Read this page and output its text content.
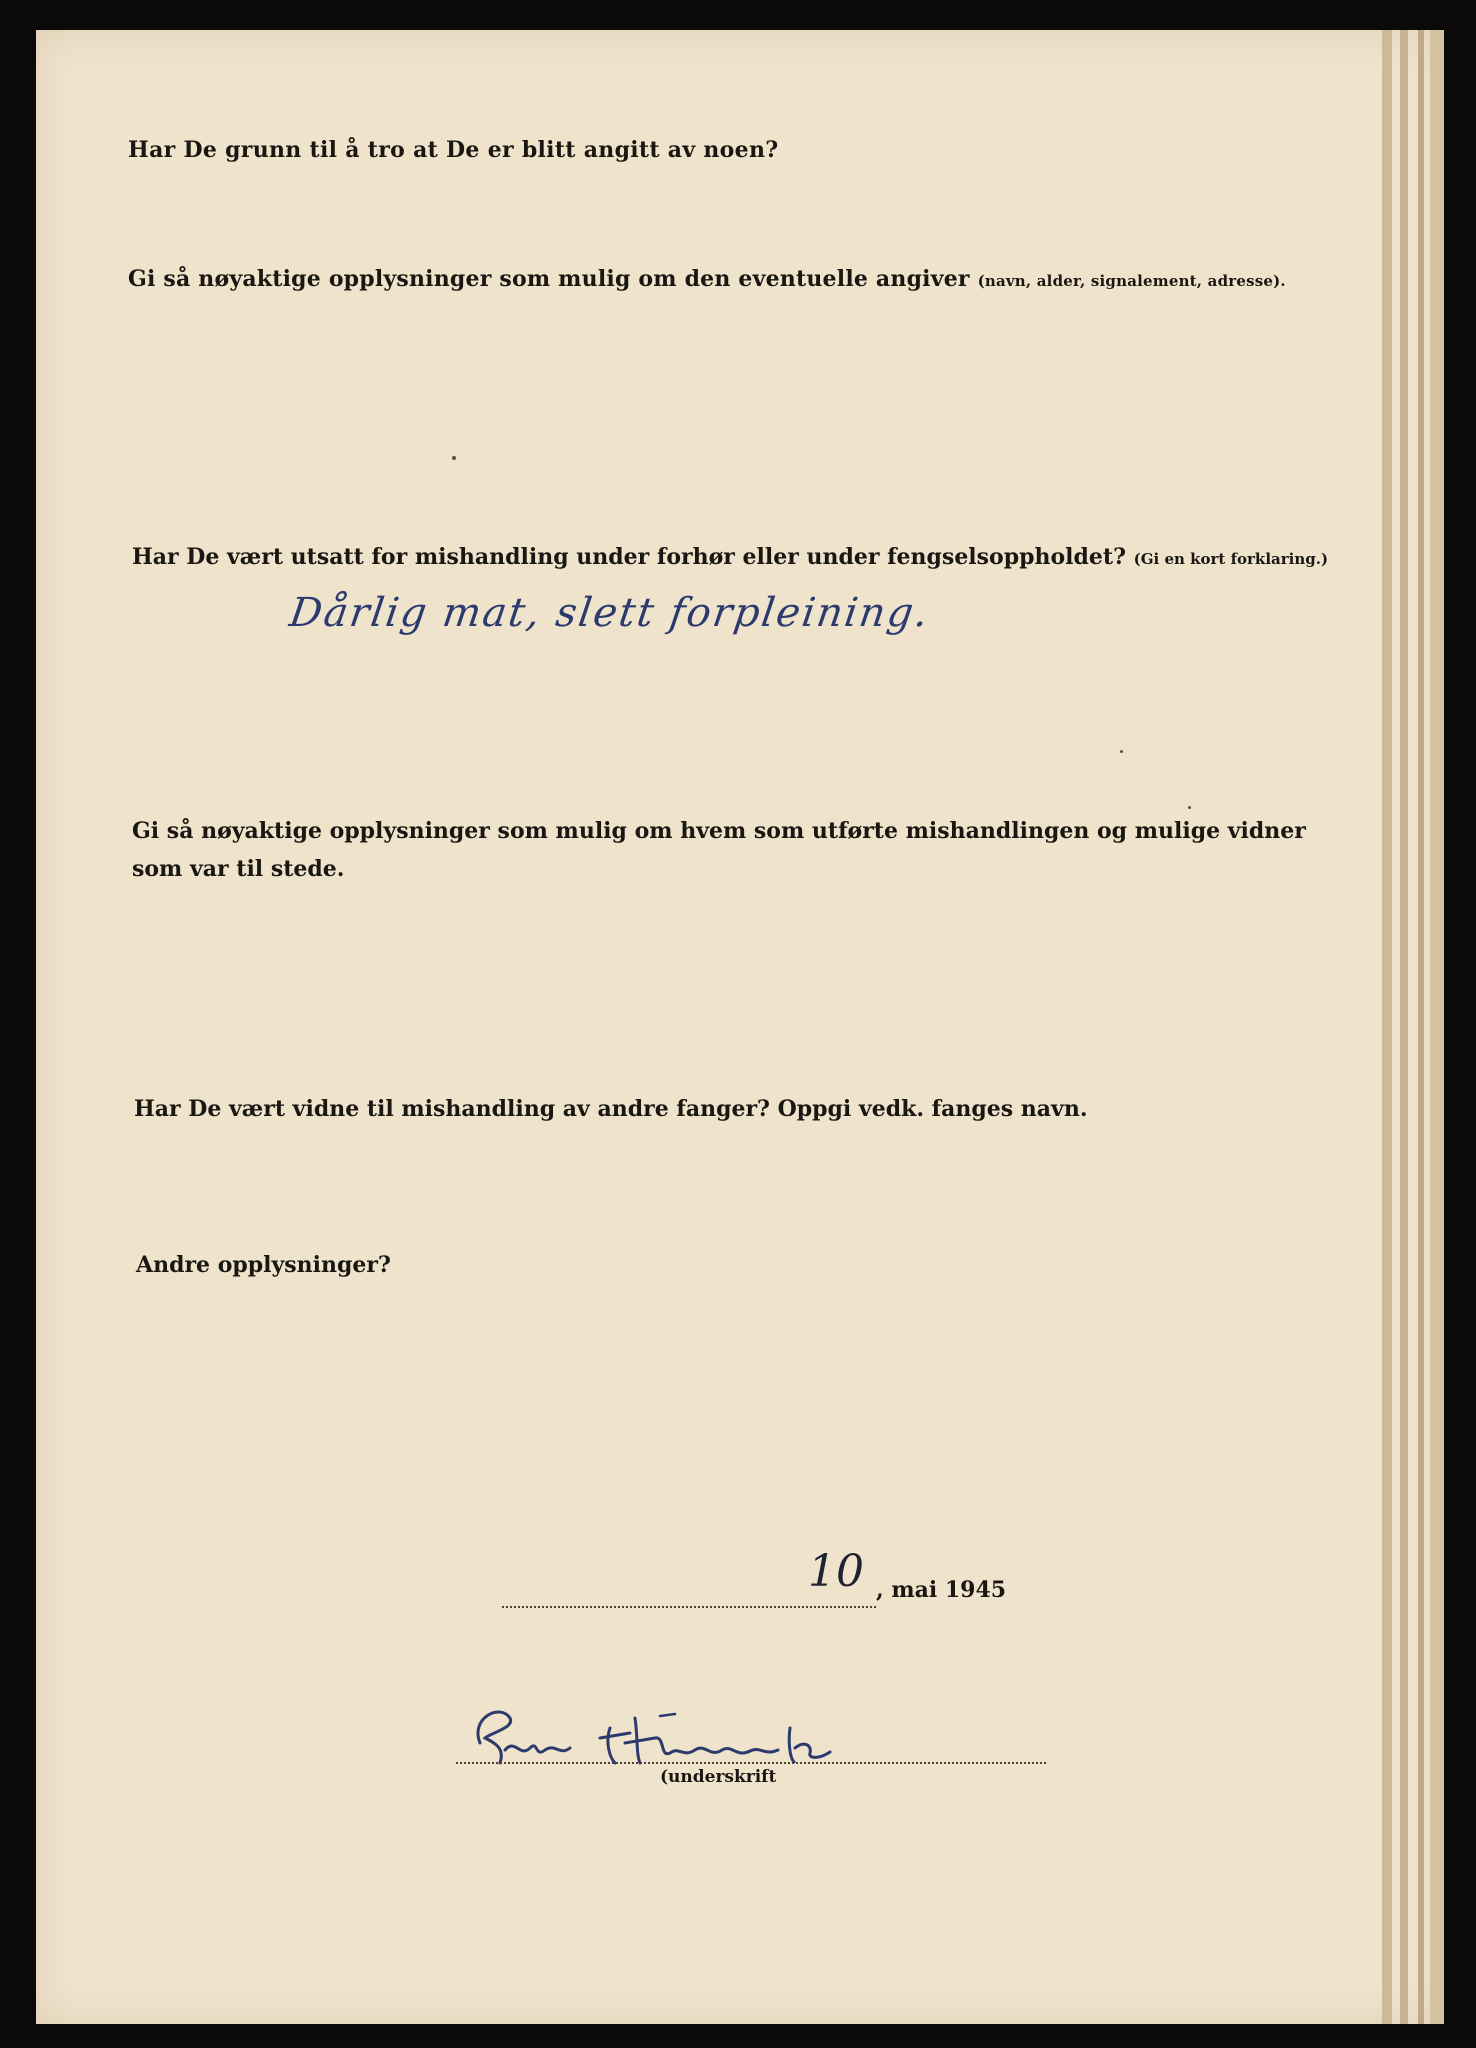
Har De grunn til å tro at De er blitt angitt av noen?

Gi så nøyaktige opplysninger som mulig om den eventuelle angiver (navn, alder, signalement, adresse).

Har De vært utsatt for mishandling under forhør eller under fengselsoppholdet? (Gi en kort forklaring.)

Dårlig mat, slett forpleining.

Gi så nøyaktige opplysninger som mulig om hvem som utførte mishandlingen og mulige vidner
som var til stede.

Har De vært vidne til mishandling av andre fanger? Oppgi vedk. fanges navn.

Andre opplysninger?

10 , mai 1945

(underskrift
